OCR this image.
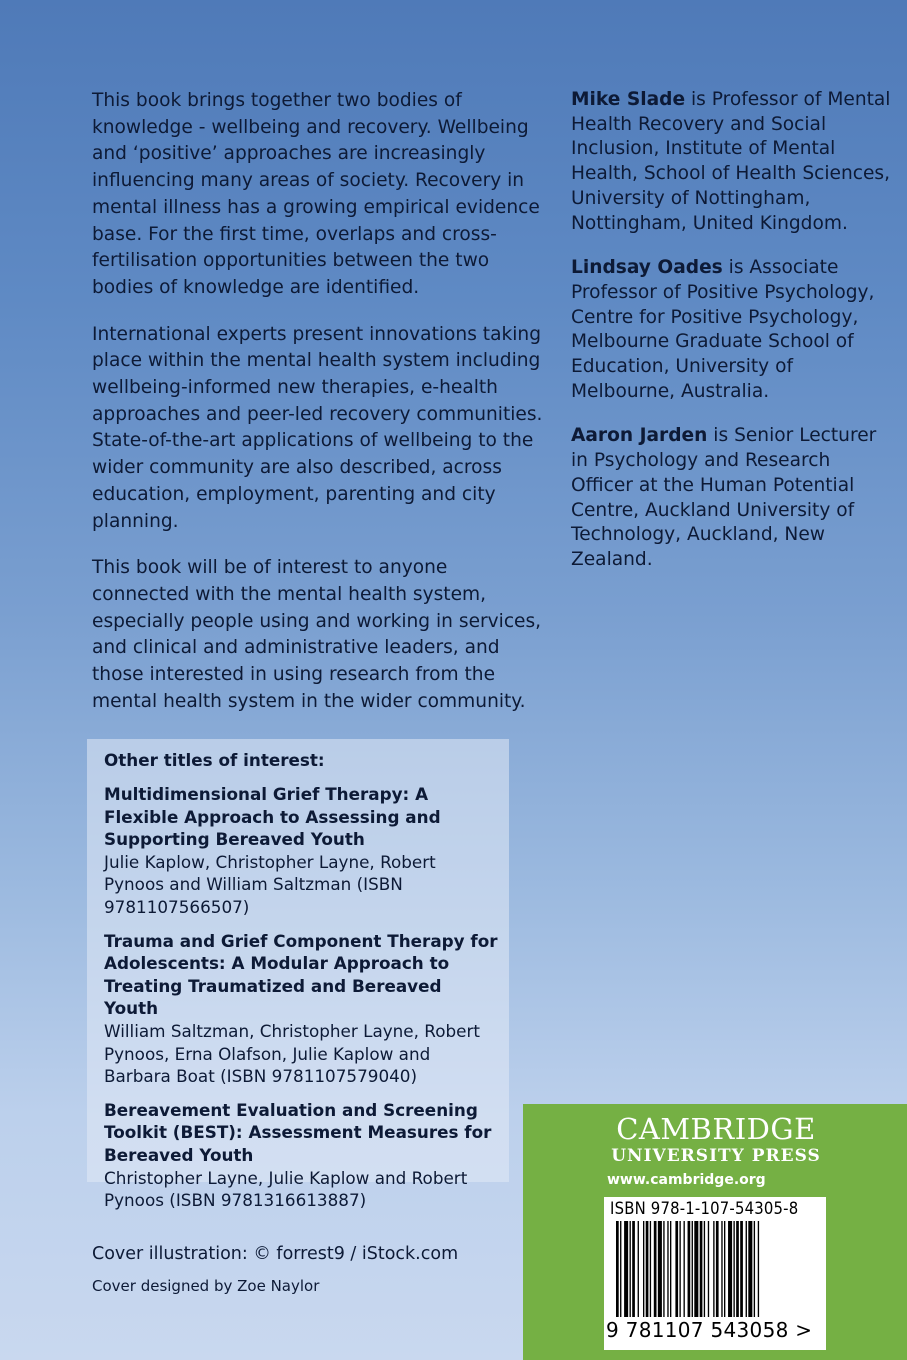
This book brings together two bodies of knowledge - wellbeing and recovery. Wellbeing and ‘positive’ approaches are increasingly influencing many areas of society. Recovery in mental illness has a growing empirical evidence base. For the first time, overlaps and cross-fertilisation opportunities between the two bodies of knowledge are identified.

International experts present innovations taking place within the mental health system including wellbeing-informed new therapies, e-health approaches and peer-led recovery communities. State-of-the-art applications of wellbeing to the wider community are also described, across education, employment, parenting and city planning.

This book will be of interest to anyone connected with the mental health system, especially people using and working in services, and clinical and administrative leaders, and those interested in using research from the mental health system in the wider community.

Mike Slade is Professor of Mental Health Recovery and Social Inclusion, Institute of Mental Health, School of Health Sciences, University of Nottingham, Nottingham, United Kingdom.

Lindsay Oades is Associate Professor of Positive Psychology, Centre for Positive Psychology, Melbourne Graduate School of Education, University of Melbourne, Australia.

Aaron Jarden is Senior Lecturer in Psychology and Research Officer at the Human Potential Centre, Auckland University of Technology, Auckland, New Zealand.

Other titles of interest:
Multidimensional Grief Therapy: A Flexible Approach to Assessing and Supporting Bereaved Youth
Julie Kaplow, Christopher Layne, Robert Pynoos and William Saltzman (ISBN 9781107566507)
Trauma and Grief Component Therapy for Adolescents: A Modular Approach to Treating Traumatized and Bereaved Youth
William Saltzman, Christopher Layne, Robert Pynoos, Erna Olafson, Julie Kaplow and Barbara Boat (ISBN 9781107579040)
Bereavement Evaluation and Screening Toolkit (BEST): Assessment Measures for Bereaved Youth
Christopher Layne, Julie Kaplow and Robert Pynoos (ISBN 9781316613887)
Cover illustration: © forrest9 / iStock.com
Cover designed by Zoe Naylor
CAMBRIDGE
UNIVERSITY PRESS
www.cambridge.org
ISBN 978-1-107-54305-8
9 781107 543058 >
